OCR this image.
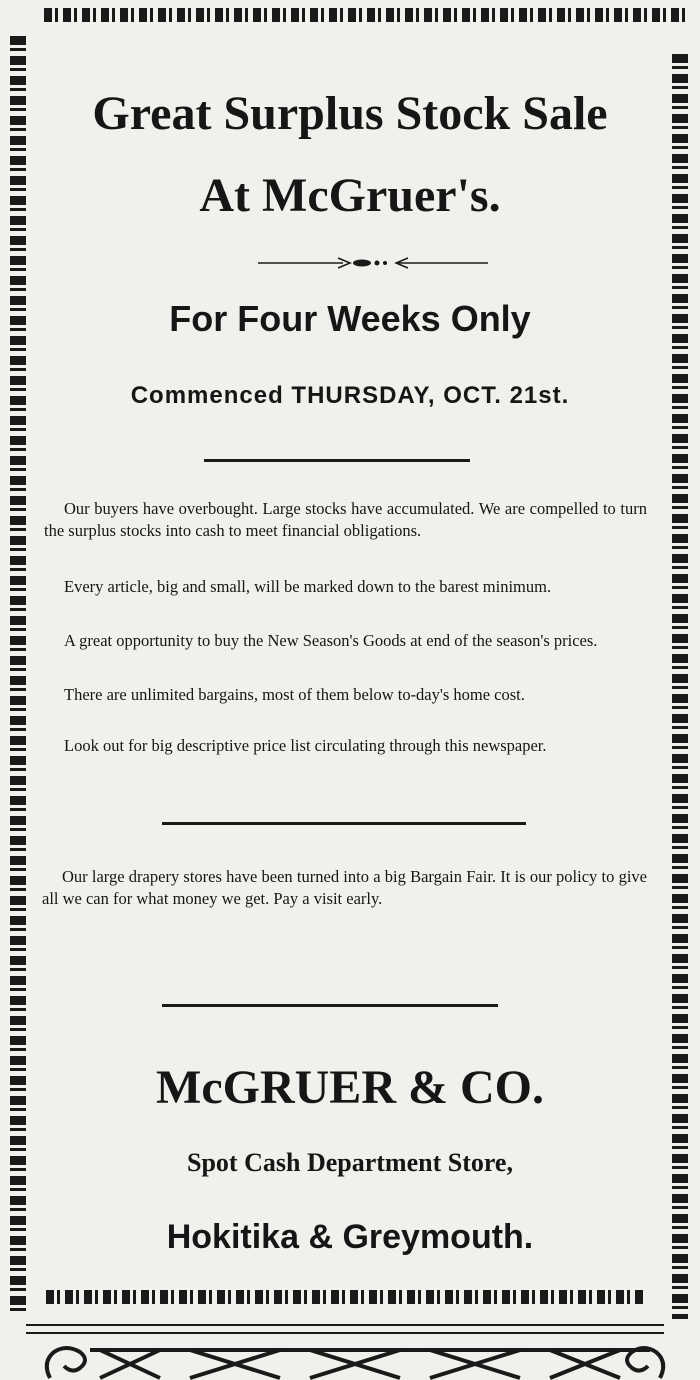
Great Surplus Stock Sale
At McGruer's.
For Four Weeks Only
Commenced THURSDAY, OCT. 21st.

Our buyers have overbought. Large stocks have accumulated. We are compelled to turn the surplus stocks into cash to meet financial obligations.

Every article, big and small, will be marked down to the barest minimum.

A great opportunity to buy the New Season's Goods at end of the season's prices.

There are unlimited bargains, most of them below to-day's home cost.

Look out for big descriptive price list circulating through this newspaper.

Our large drapery stores have been turned into a big Bargain Fair. It is our policy to give all we can for what money we get. Pay a visit early.

McGRUER & CO.
Spot Cash Department Store,
Hokitika & Greymouth.
